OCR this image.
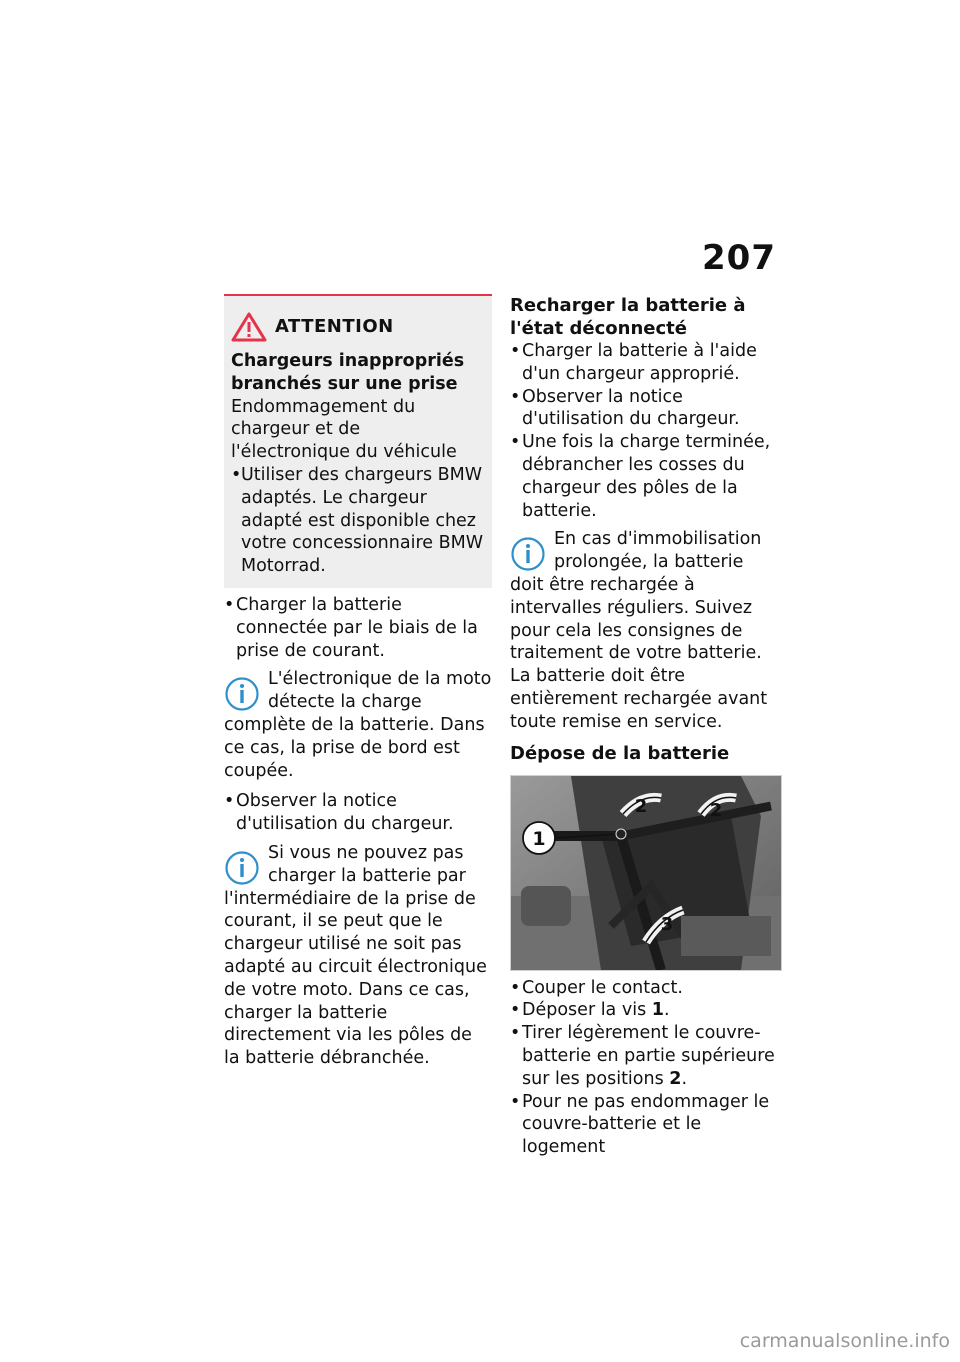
207
ATTENTION
Chargeurs inappropriés branchés sur une prise
Endommagement du chargeur et de l'électronique du véhicule
• Utiliser des chargeurs BMW adaptés. Le chargeur adapté est disponible chez votre concessionnaire BMW Motorrad.
• Charger la batterie connectée par le biais de la prise de courant.
L'électronique de la moto détecte la charge complète de la batterie. Dans ce cas, la prise de bord est coupée.
• Observer la notice d'utilisation du chargeur.
Si vous ne pouvez pas charger la batterie par l'intermédiaire de la prise de courant, il se peut que le chargeur utilisé ne soit pas adapté au circuit électronique de votre moto. Dans ce cas, charger la batterie directement via les pôles de la batterie débranchée.
Recharger la batterie à l'état déconnecté
• Charger la batterie à l'aide d'un chargeur approprié.
• Observer la notice d'utilisation du chargeur.
• Une fois la charge terminée, débrancher les cosses du chargeur des pôles de la batterie.
En cas d'immobilisation prolongée, la batterie doit être rechargée à intervalles réguliers. Suivez pour cela les consignes de traitement de votre batterie. La batterie doit être entièrement rechargée avant toute remise en service.
Dépose de la batterie
1
2	2
3
• Couper le contact.
• Déposer la vis 1.
• Tirer légèrement le couvre-batterie en partie supérieure sur les positions 2.
• Pour ne pas endommager le couvre-batterie et le logement
carmanualsonline.info
